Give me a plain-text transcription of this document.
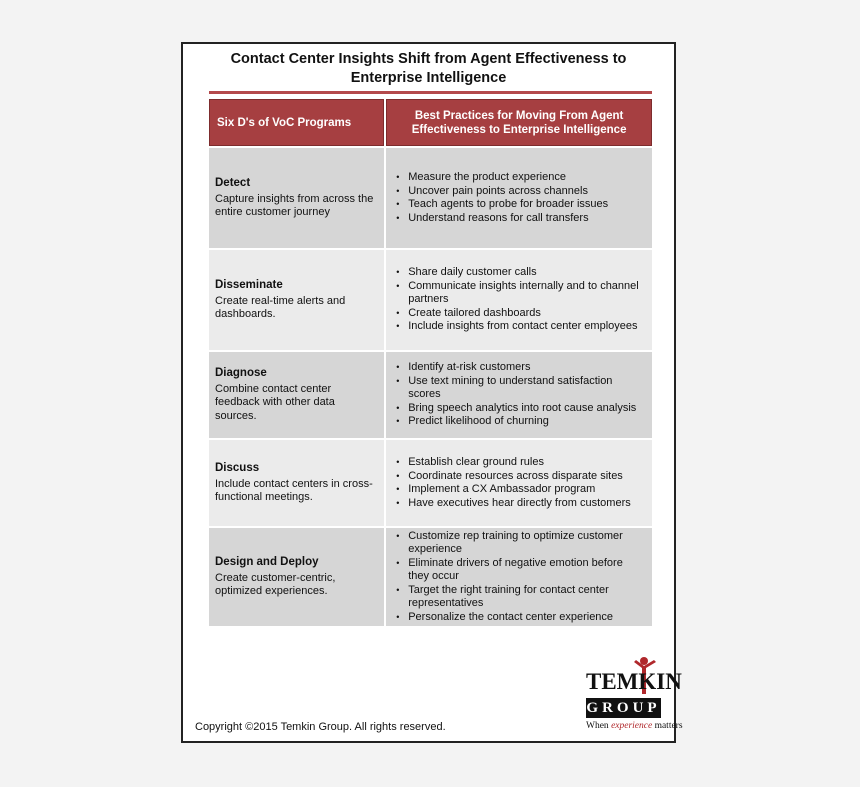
Contact Center Insights Shift from Agent Effectiveness to
Enterprise Intelligence
Six D's of VoC Programs
Best Practices for Moving From Agent
Effectiveness to Enterprise Intelligence
Detect
Capture insights from across the entire customer journey
• Measure the product experience
• Uncover pain points across channels
• Teach agents to probe for broader issues
• Understand reasons for call transfers
Disseminate
Create real-time alerts and dashboards.
• Share daily customer calls
• Communicate insights internally and to channel partners
• Create tailored dashboards
• Include insights from contact center employees
Diagnose
Combine contact center feedback with other data sources.
• Identify at-risk customers
• Use text mining to understand satisfaction scores
• Bring speech analytics into root cause analysis
• Predict likelihood of churning
Discuss
Include contact centers in cross-functional meetings.
• Establish clear ground rules
• Coordinate resources across disparate sites
• Implement a CX Ambassador program
• Have executives hear directly from customers
Design and Deploy
Create customer-centric, optimized experiences.
• Customize rep training to optimize customer experience
• Eliminate drivers of negative emotion before they occur
• Target the right training for contact center representatives
• Personalize the contact center experience
Copyright ©2015 Temkin Group. All rights reserved.
TEMKIN
GROUP
When experience matters
